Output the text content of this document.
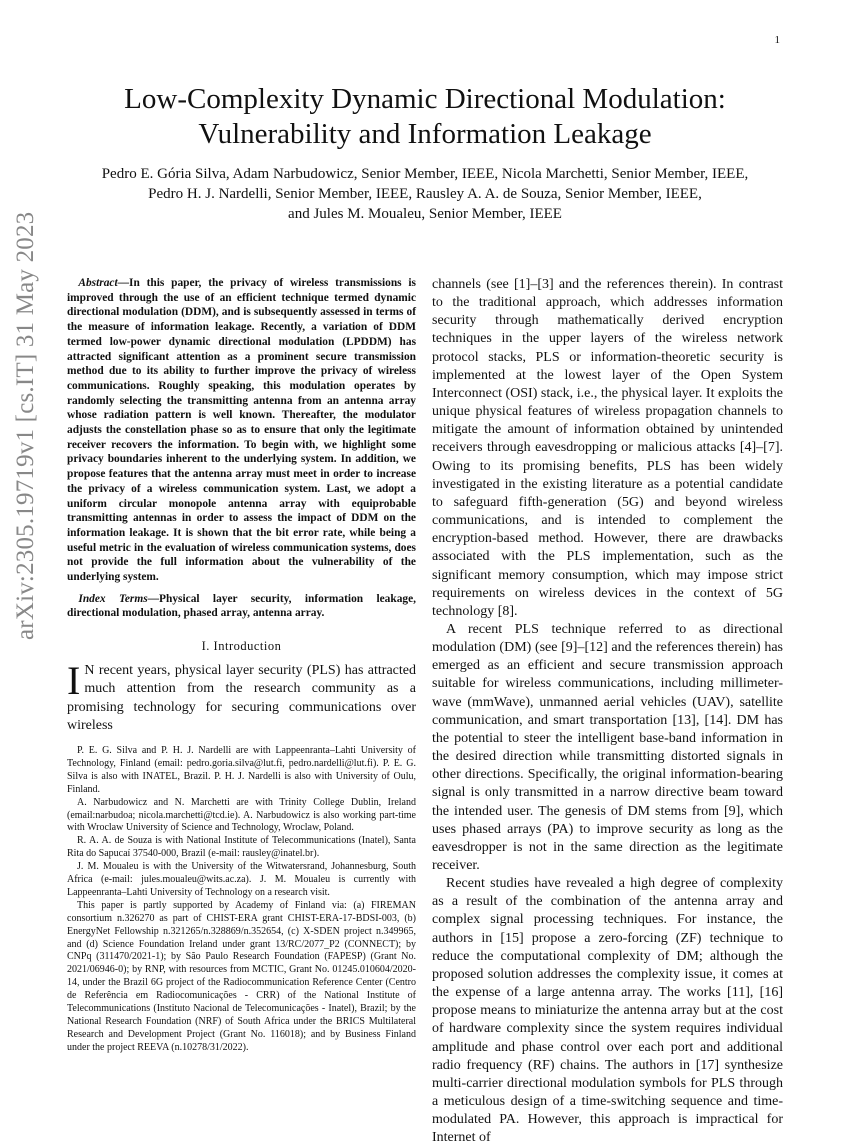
1
arXiv:2305.19719v1 [cs.IT] 31 May 2023
Low-Complexity Dynamic Directional Modulation:
Vulnerability and Information Leakage
Pedro E. Gória Silva, Adam Narbudowicz, Senior Member, IEEE, Nicola Marchetti, Senior Member, IEEE,
Pedro H. J. Nardelli, Senior Member, IEEE, Rausley A. A. de Souza, Senior Member, IEEE,
and Jules M. Moualeu, Senior Member, IEEE

Abstract—In this paper, the privacy of wireless transmissions is improved through the use of an efficient technique termed dynamic directional modulation (DDM), and is subsequently assessed in terms of the measure of information leakage. Recently, a variation of DDM termed low-power dynamic directional modulation (LPDDM) has attracted significant attention as a prominent secure transmission method due to its ability to further improve the privacy of wireless communications. Roughly speaking, this modulation operates by randomly selecting the transmitting antenna from an antenna array whose radiation pattern is well known. Thereafter, the modulator adjusts the constellation phase so as to ensure that only the legitimate receiver recovers the information. To begin with, we highlight some privacy boundaries inherent to the underlying system. In addition, we propose features that the antenna array must meet in order to increase the privacy of a wireless communication system. Last, we adopt a uniform circular monopole antenna array with equiprobable transmitting antennas in order to assess the impact of DDM on the information leakage. It is shown that the bit error rate, while being a useful metric in the evaluation of wireless communication systems, does not provide the full information about the vulnerability of the underlying system.

Index Terms—Physical layer security, information leakage, directional modulation, phased array, antenna array.

I. Introduction

I N recent years, physical layer security (PLS) has attracted much attention from the research community as a promising technology for securing communications over wireless

P. E. G. Silva and P. H. J. Nardelli are with Lappeenranta–Lahti University of Technology, Finland (email: pedro.goria.silva@lut.fi, pedro.nardelli@lut.fi). P. E. G. Silva is also with INATEL, Brazil. P. H. J. Nardelli is also with University of Oulu, Finland.

A. Narbudowicz and N. Marchetti are with Trinity College Dublin, Ireland (email:narbudoa; nicola.marchetti@tcd.ie). A. Narbudowicz is also working part-time with Wroclaw University of Science and Technology, Wroclaw, Poland.

R. A. A. de Souza is with National Institute of Telecommunications (Inatel), Santa Rita do Sapucaí 37540-000, Brazil (e-mail: rausley@inatel.br).

J. M. Moualeu is with the University of the Witwatersrand, Johannesburg, South Africa (e-mail: jules.moualeu@wits.ac.za). J. M. Moualeu is currently with Lappeenranta–Lahti University of Technology on a research visit.

This paper is partly supported by Academy of Finland via: (a) FIREMAN consortium n.326270 as part of CHIST-ERA grant CHIST-ERA-17-BDSI-003, (b) EnergyNet Fellowship n.321265/n.328869/n.352654, (c) X-SDEN project n.349965, and (d) Science Foundation Ireland under grant 13/RC/2077_P2 (CONNECT); by CNPq (311470/2021-1); by São Paulo Research Foundation (FAPESP) (Grant No. 2021/06946-0); by RNP, with resources from MCTIC, Grant No. 01245.010604/2020-14, under the Brazil 6G project of the Radiocommunication Reference Center (Centro de Referência em Radiocomunicações - CRR) of the National Institute of Telecommunications (Instituto Nacional de Telecomunicações - Inatel), Brazil; by the National Research Foundation (NRF) of South Africa under the BRICS Multilateral Research and Development Project (Grant No. 116018); and by Business Finland under the project REEVA (n.10278/31/2022).

channels (see [1]–[3] and the references therein). In contrast to the traditional approach, which addresses information security through mathematically derived encryption techniques in the upper layers of the wireless network protocol stacks, PLS or information-theoretic security is implemented at the lowest layer of the Open System Interconnect (OSI) stack, i.e., the physical layer. It exploits the unique physical features of wireless propagation channels to mitigate the amount of information obtained by unintended receivers through eavesdropping or malicious attacks [4]–[7]. Owing to its promising benefits, PLS has been widely investigated in the existing literature as a potential candidate to safeguard fifth-generation (5G) and beyond wireless communications, and is intended to complement the encryption-based method. However, there are drawbacks associated with the PLS implementation, such as the significant memory consumption, which may impose strict requirements on wireless devices in the context of 5G technology [8].

A recent PLS technique referred to as directional modulation (DM) (see [9]–[12] and the references therein) has emerged as an efficient and secure transmission approach suitable for wireless communications, including millimeter-wave (mmWave), unmanned aerial vehicles (UAV), satellite communication, and smart transportation [13], [14]. DM has the potential to steer the intelligent base-band information in the desired direction while transmitting distorted signals in other directions. Specifically, the original information-bearing signal is only transmitted in a narrow directive beam toward the intended user. The genesis of DM stems from [9], which uses phased arrays (PA) to improve security as long as the eavesdropper is not in the same direction as the legitimate receiver.

Recent studies have revealed a high degree of complexity as a result of the combination of the antenna array and complex signal processing techniques. For instance, the authors in [15] propose a zero-forcing (ZF) technique to reduce the computational complexity of DM; although the proposed solution addresses the complexity issue, it comes at the expense of a large antenna array. The works [11], [16] propose means to miniaturize the antenna array but at the cost of hardware complexity since the system requires individual amplitude and phase control over each port and additional radio frequency (RF) chains. The authors in [17] synthesize multi-carrier directional modulation symbols for PLS through a meticulous design of a time-switching sequence and time-modulated PA. However, this approach is impractical for Internet of
